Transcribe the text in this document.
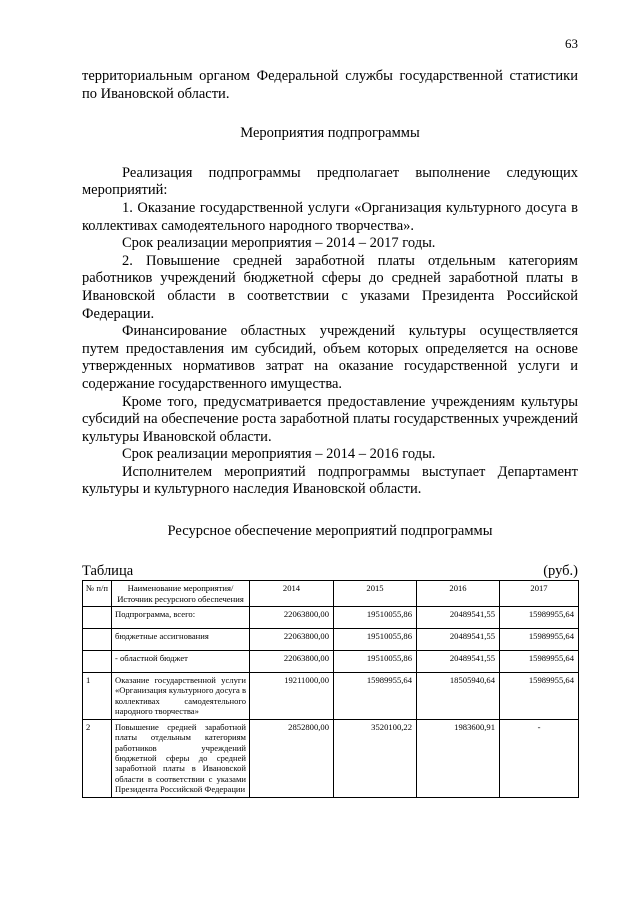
63

территориальным органом Федеральной службы государственной статистики по Ивановской области.

Мероприятия подпрограммы

Реализация подпрограммы предполагает выполнение следующих мероприятий:

1. Оказание государственной услуги «Организация культурного досуга в коллективах самодеятельного народного творчества».

Срок реализации мероприятия – 2014 – 2017 годы.

2. Повышение средней заработной платы отдельным категориям работников учреждений бюджетной сферы до средней заработной платы в Ивановской области в соответствии с указами Президента Российской Федерации.

Финансирование областных учреждений культуры осуществляется путем предоставления им субсидий, объем которых определяется на основе утвержденных нормативов затрат на оказание государственной услуги и содержание государственного имущества.

Кроме того, предусматривается предоставление учреждениям культуры субсидий на обеспечение роста заработной платы государственных учреждений культуры Ивановской области.

Срок реализации мероприятия – 2014 – 2016 годы.

Исполнителем мероприятий подпрограммы выступает Департамент культуры и культурного наследия Ивановской области.

Ресурсное обеспечение мероприятий подпрограммы

Таблица	(руб.)
№ п/п	Наименование мероприятия/Источник ресурсного обеспечения	2014	2015	2016	2017
	Подпрограмма, всего:	22063800,00	19510055,86	20489541,55	15989955,64
	бюджетные ассигнования	22063800,00	19510055,86	20489541,55	15989955,64
	- областной бюджет	22063800,00	19510055,86	20489541,55	15989955,64
1	Оказание государственной услуги «Организация культурного досуга в коллективах самодеятельного народного творчества»	19211000,00	15989955,64	18505940,64	15989955,64
2	Повышение средней заработной платы отдельным категориям работников учреждений бюджетной сферы до средней заработной платы в Ивановской области в соответствии с указами Президента Российской Федерации	2852800,00	3520100,22	1983600,91	-
